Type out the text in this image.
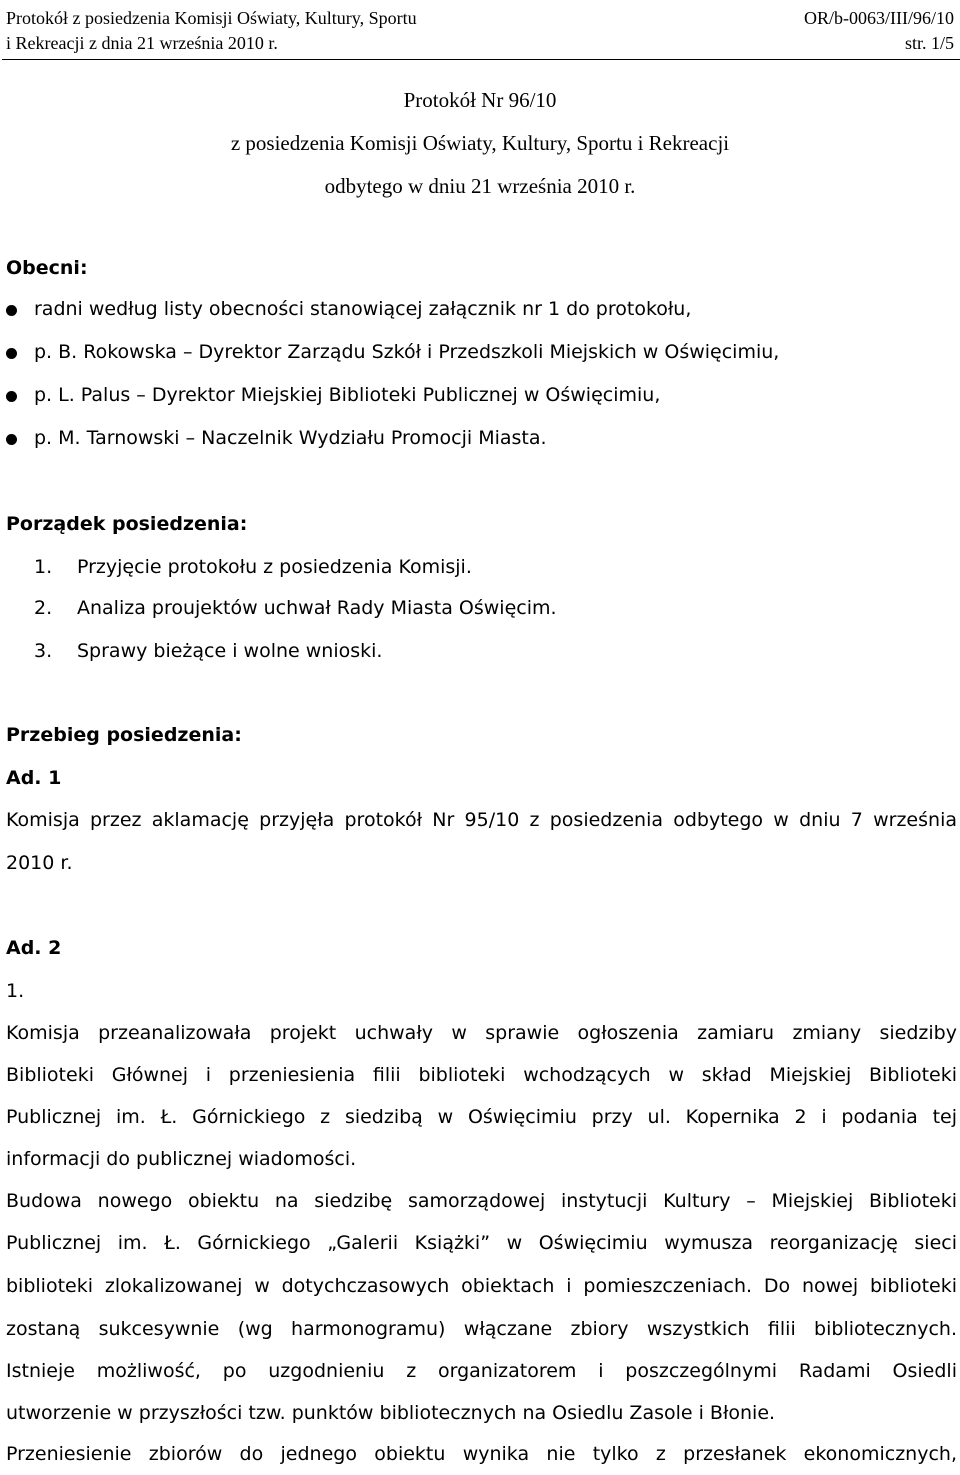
Protokół z posiedzenia Komisji Oświaty, Kultury, Sportu	OR/b-0063/III/96/10
i Rekreacji z dnia 21 września 2010 r.	str. 1/5
Protokół Nr 96/10
z posiedzenia Komisji Oświaty, Kultury, Sportu i Rekreacji
odbytego w dniu 21 września 2010 r.
Obecni:
radni według listy obecności stanowiącej załącznik nr 1 do protokołu,
p. B. Rokowska – Dyrektor Zarządu Szkół i Przedszkoli Miejskich w Oświęcimiu,
p. L. Palus – Dyrektor Miejskiej Biblioteki Publicznej w Oświęcimiu,
p. M. Tarnowski – Naczelnik Wydziału Promocji Miasta.
Porządek posiedzenia:
1. Przyjęcie protokołu z posiedzenia Komisji.
2. Analiza proujektów uchwał Rady Miasta Oświęcim.
3. Sprawy bieżące i wolne wnioski.
Przebieg posiedzenia:
Ad. 1
Komisja przez aklamację przyjęła protokół Nr 95/10 z posiedzenia odbytego w dniu 7 września
2010 r.
Ad. 2
1.
Komisja przeanalizowała projekt uchwały w sprawie ogłoszenia zamiaru zmiany siedziby
Biblioteki Głównej i przeniesienia filii biblioteki wchodzących w skład Miejskiej Biblioteki
Publicznej im. Ł. Górnickiego z siedzibą w Oświęcimiu przy ul. Kopernika 2 i podania tej
informacji do publicznej wiadomości.
Budowa nowego obiektu na siedzibę samorządowej instytucji Kultury – Miejskiej Biblioteki
Publicznej im. Ł. Górnickiego „Galerii Książki” w Oświęcimiu wymusza reorganizację sieci
biblioteki zlokalizowanej w dotychczasowych obiektach i pomieszczeniach. Do nowej biblioteki
zostaną sukcesywnie (wg harmonogramu) włączane zbiory wszystkich filii bibliotecznych.
Istnieje możliwość, po uzgodnieniu z organizatorem i poszczególnymi Radami Osiedli
utworzenie w przyszłości tzw. punktów bibliotecznych na Osiedlu Zasole i Błonie.
Przeniesienie zbiorów do jednego obiektu wynika nie tylko z przesłanek ekonomicznych,
